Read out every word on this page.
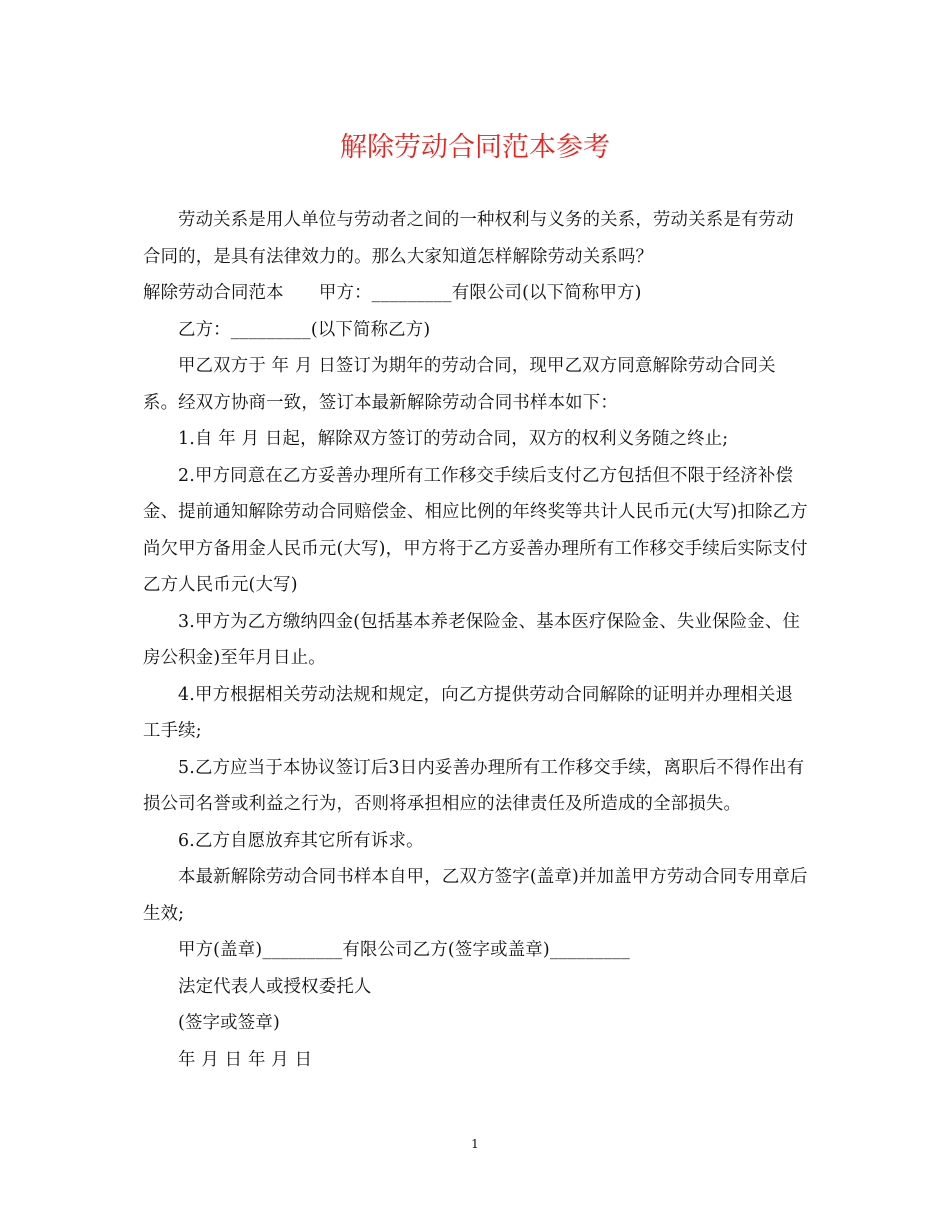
解除劳动合同范本参考

劳动关系是用人单位与劳动者之间的一种权利与义务的关系，劳动关系是有劳动合同的，是具有法律效力的。那么大家知道怎样解除劳动关系吗？

解除劳动合同范本　　甲方：_________有限公司(以下简称甲方)

乙方：_________(以下简称乙方)

甲乙双方于 年 月 日签订为期年的劳动合同，现甲乙双方同意解除劳动合同关系。经双方协商一致，签订本最新解除劳动合同书样本如下：

1.自 年 月 日起，解除双方签订的劳动合同，双方的权利义务随之终止;

2.甲方同意在乙方妥善办理所有工作移交手续后支付乙方包括但不限于经济补偿金、提前通知解除劳动合同赔偿金、相应比例的年终奖等共计人民币元(大写)扣除乙方尚欠甲方备用金人民币元(大写)，甲方将于乙方妥善办理所有工作移交手续后实际支付乙方人民币元(大写)

3.甲方为乙方缴纳四金(包括基本养老保险金、基本医疗保险金、失业保险金、住房公积金)至年月日止。

4.甲方根据相关劳动法规和规定，向乙方提供劳动合同解除的证明并办理相关退工手续;

5.乙方应当于本协议签订后3日内妥善办理所有工作移交手续，离职后不得作出有损公司名誉或利益之行为，否则将承担相应的法律责任及所造成的全部损失。

6.乙方自愿放弃其它所有诉求。

本最新解除劳动合同书样本自甲，乙双方签字(盖章)并加盖甲方劳动合同专用章后生效;

甲方(盖章)_________有限公司乙方(签字或盖章)_________

法定代表人或授权委托人

(签字或签章)

年 月 日 年 月 日

1
